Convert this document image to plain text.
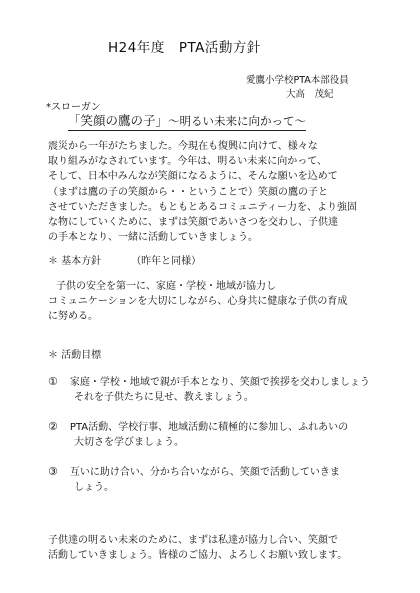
H24年度　PTA活動方針
愛鷹小学校PTA本部役員
大高　茂紀
*スローガン
「笑顔の鷹の子」～明るい未来に向かって～
震災から一年がたちました。今現在も復興に向けて、様々な
取り組みがなされています。今年は、明るい未来に向かって、
そして、日本中みんなが笑顔になるように、そんな願いを込めて
（まずは鷹の子の笑顔から・・ということで）笑顔の鷹の子と
させていただきました。もともとあるコミュニティー力を、より強固
な物にしていくために、まずは笑顔であいさつを交わし、子供達
の手本となり、一緒に活動していきましょう。
＊ 基本方針	（昨年と同様）
子供の安全を第一に、家庭・学校・地域が協力し
コミュニケーションを大切にしながら、心身共に健康な子供の育成
に努める。
＊ 活動目標
① 家庭・学校・地域で親が手本となり、笑顔で挨拶を交わしましょう
それを子供たちに見せ、教えましょう。
② PTA活動、学校行事、地域活動に積極的に参加し、ふれあいの
大切さを学びましょう。
③ 互いに助け合い、分かち合いながら、笑顔で活動していきま
しょう。
子供達の明るい未来のために、まずは私達が協力し合い、笑顔で
活動していきましょう。皆様のご協力、よろしくお願い致します。
